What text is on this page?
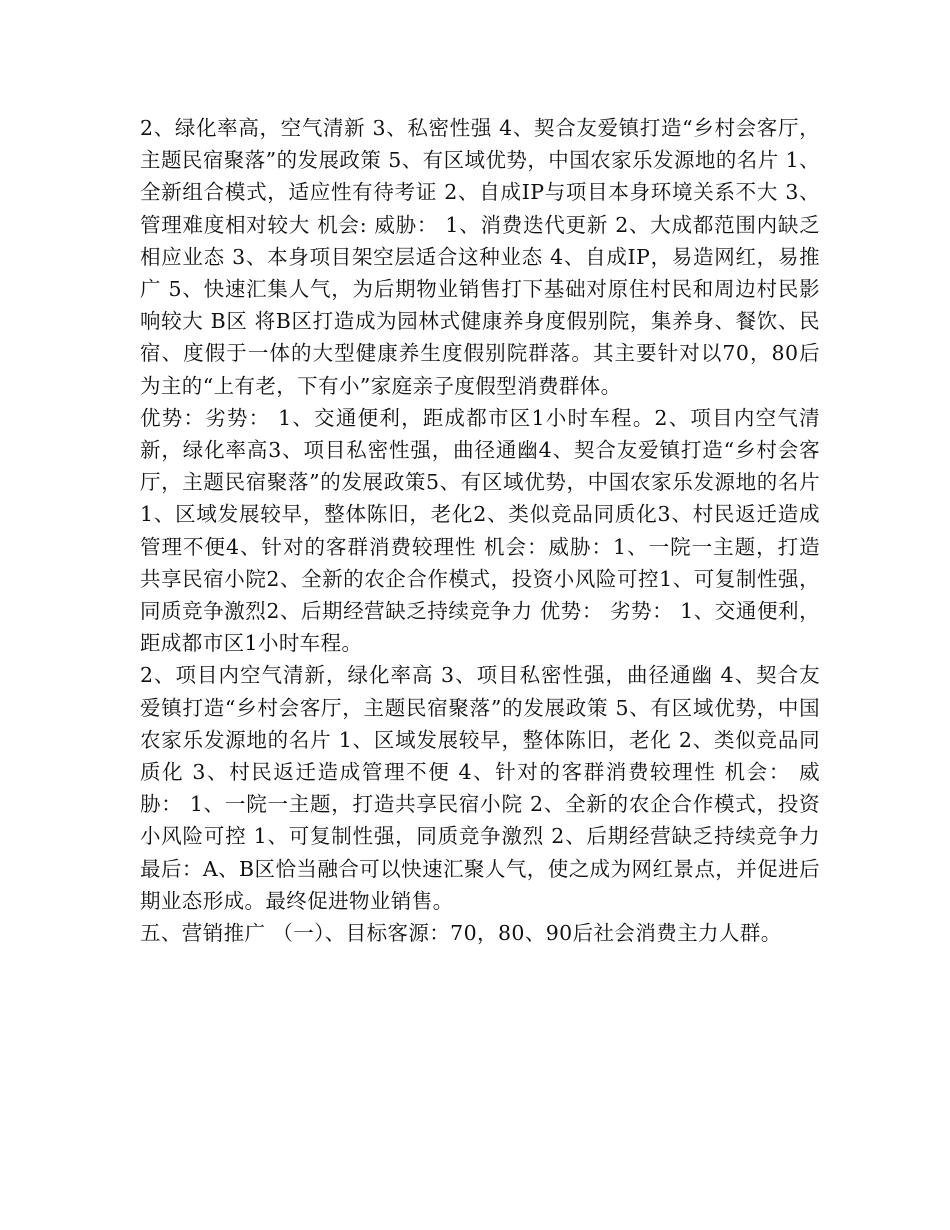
2、绿化率高，空气清新 3、私密性强 4、契合友爱镇打造“乡村会客厅，主题民宿聚落”的发展政策 5、有区域优势，中国农家乐发源地的名片 1、全新组合模式，适应性有待考证 2、自成IP与项目本身环境关系不大 3、管理难度相对较大 机会: 威胁： 1、消费迭代更新 2、大成都范围内缺乏相应业态 3、本身项目架空层适合这种业态 4、自成IP，易造网红，易推广 5、快速汇集人气，为后期物业销售打下基础对原住村民和周边村民影响较大 B区 将B区打造成为园林式健康养身度假别院，集养身、餐饮、民宿、度假于一体的大型健康养生度假别院群落。其主要针对以70，80后为主的“上有老，下有小”家庭亲子度假型消费群体。

优势：劣势： 1、交通便利，距成都市区1小时车程。2、项目内空气清新，绿化率高3、项目私密性强，曲径通幽4、契合友爱镇打造“乡村会客厅，主题民宿聚落”的发展政策5、有区域优势，中国农家乐发源地的名片1、区域发展较早，整体陈旧，老化2、类似竞品同质化3、村民返迁造成管理不便4、针对的客群消费较理性 机会：威胁：1、一院一主题，打造共享民宿小院2、全新的农企合作模式，投资小风险可控1、可复制性强，同质竞争激烈2、后期经营缺乏持续竞争力 优势： 劣势： 1、交通便利，距成都市区1小时车程。

2、项目内空气清新，绿化率高 3、项目私密性强，曲径通幽 4、契合友爱镇打造“乡村会客厅，主题民宿聚落”的发展政策 5、有区域优势，中国农家乐发源地的名片 1、区域发展较早，整体陈旧，老化 2、类似竞品同质化 3、村民返迁造成管理不便 4、针对的客群消费较理性 机会： 威胁： 1、一院一主题，打造共享民宿小院 2、全新的农企合作模式，投资小风险可控 1、可复制性强，同质竞争激烈 2、后期经营缺乏持续竞争力 最后：A、B区恰当融合可以快速汇聚人气，使之成为网红景点，并促进后期业态形成。最终促进物业销售。

五、营销推广 （一）、目标客源：70，80、90后社会消费主力人群。
